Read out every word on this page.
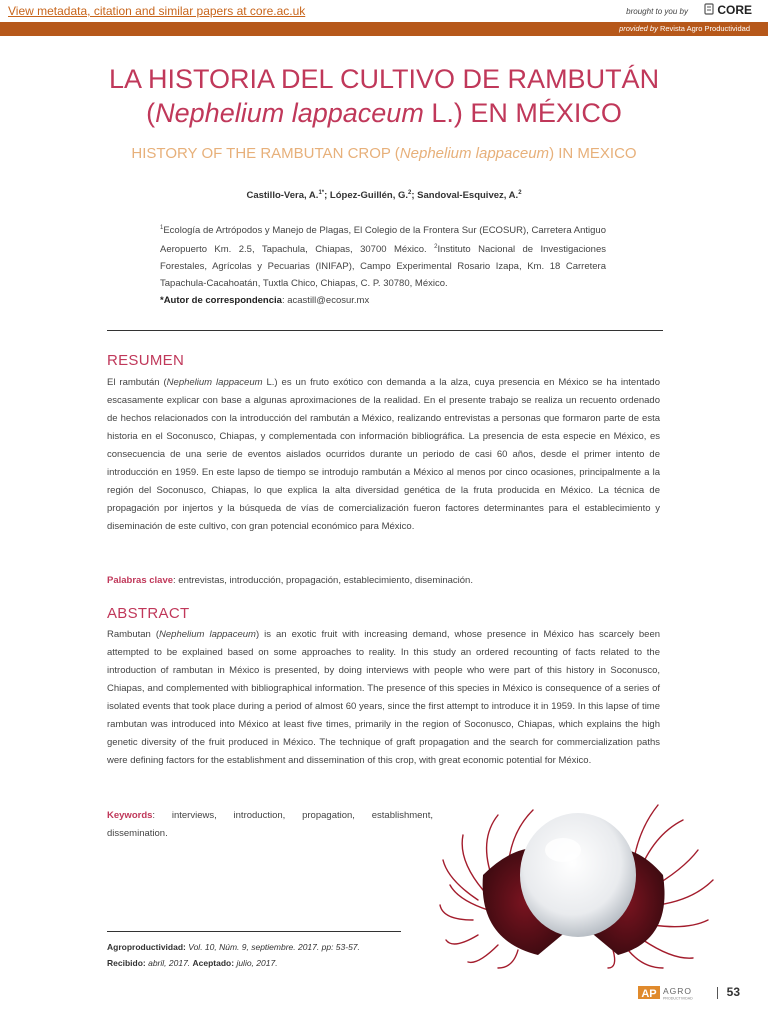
View metadata, citation and similar papers at core.ac.uk	brought to you by	CORE
provided by Revista Agro Productividad
LA HISTORIA DEL CULTIVO DE RAMBUTÁN
(Nephelium lappaceum L.) EN MÉXICO
HISTORY OF THE RAMBUTAN CROP (Nephelium lappaceum) IN MEXICO
Castillo-Vera, A.$^{1*}$; López-Guillén, G.$^2$; Sandoval-Esquivez, A.$^2$
$^1$Ecología de Artrópodos y Manejo de Plagas, El Colegio de la Frontera Sur (ECOSUR), Carretera Antiguo Aeropuerto Km. 2.5, Tapachula, Chiapas, 30700 México. $^2$Instituto Nacional de Investigaciones Forestales, Agrícolas y Pecuarias (INIFAP), Campo Experimental Rosario Izapa, Km. 18 Carretera Tapachula-Cacahoatán, Tuxtla Chico, Chiapas, C. P. 30780, México.
*Autor de correspondencia: acastill@ecosur.mx
RESUMEN
El rambután (Nephelium lappaceum L.) es un fruto exótico con demanda a la alza, cuya presencia en México se ha intentado escasamente explicar con base a algunas aproximaciones de la realidad. En el presente trabajo se realiza un recuento ordenado de hechos relacionados con la introducción del rambután a México, realizando entrevistas a personas que formaron parte de esta historia en el Soconusco, Chiapas, y complementada con información bibliográfica. La presencia de esta especie en México, es consecuencia de una serie de eventos aislados ocurridos durante un periodo de casi 60 años, desde el primer intento de introducción en 1959. En este lapso de tiempo se introdujo rambután a México al menos por cinco ocasiones, principalmente a la región del Soconusco, Chiapas, lo que explica la alta diversidad genética de la fruta producida en México. La técnica de propagación por injertos y la búsqueda de vías de comercialización fueron factores determinantes para el establecimiento y diseminación de este cultivo, con gran potencial económico para México.
Palabras clave: entrevistas, introducción, propagación, establecimiento, diseminación.
ABSTRACT
Rambutan (Nephelium lappaceum) is an exotic fruit with increasing demand, whose presence in México has scarcely been attempted to be explained based on some approaches to reality. In this study an ordered recounting of facts related to the introduction of rambutan in México is presented, by doing interviews with people who were part of this history in Soconusco, Chiapas, and complemented with bibliographical information. The presence of this species in México is consequence of a series of isolated events that took place during a period of almost 60 years, since the first attempt to introduce it in 1959. In this lapse of time rambutan was introduced into México at least five times, primarily in the region of Soconusco, Chiapas, which explains the high genetic diversity of the fruit produced in México. The technique of graft propagation and the search for commercialization paths were defining factors for the establishment and dissemination of this crop, with great economic potential for México.
Keywords: interviews, introduction, propagation, establishment, dissemination.
Agroproductividad: Vol. 10, Núm. 9, septiembre. 2017. pp: 53-57.
Recibido: abril, 2017. Aceptado: julio, 2017.
AP AGRO
PRODUCTIVIDAD	53
